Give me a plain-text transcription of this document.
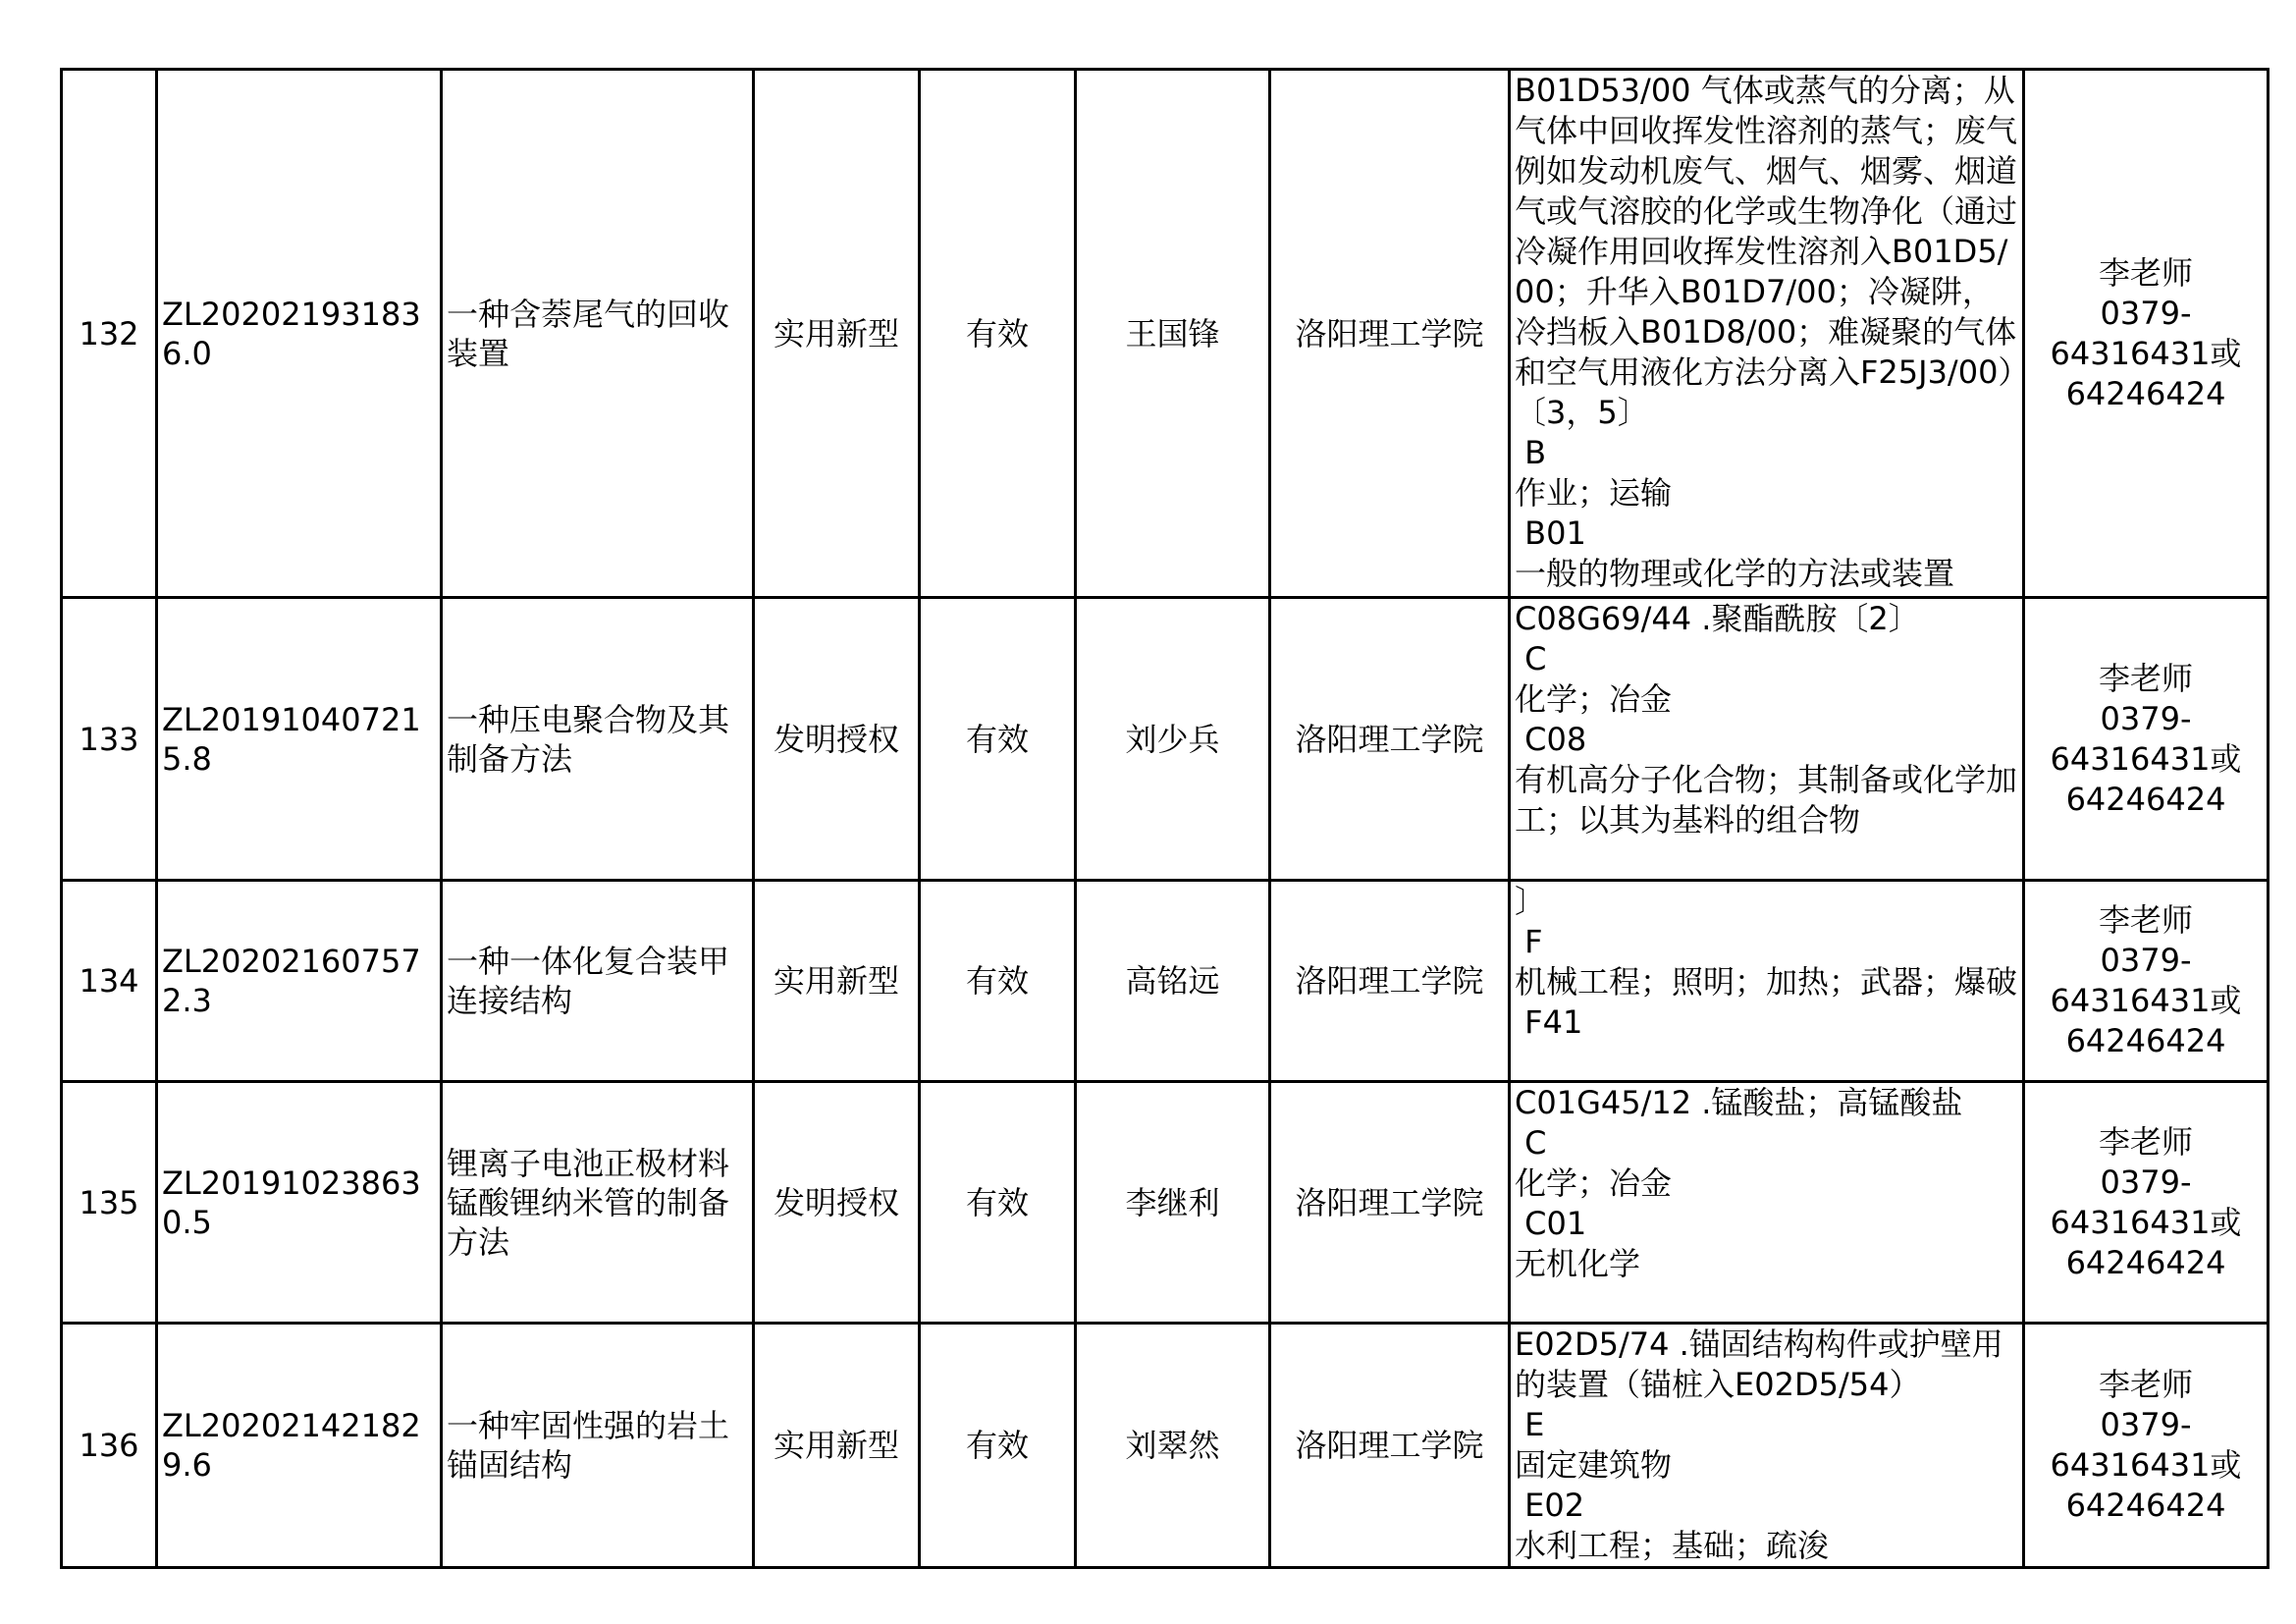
132	ZL202021931836.0	一种含萘尾气的回收装置	实用新型	有效	王国锋	洛阳理工学院	B01D53/00 气体或蒸气的分离；从气体中回收挥发性溶剂的蒸气；废气例如发动机废气、烟气、烟雾、烟道气或气溶胶的化学或生物净化（通过冷凝作用回收挥发性溶剂入B01D5/00；升华入B01D7/00；冷凝阱，冷挡板入B01D8/00；难凝聚的气体和空气用液化方法分离入F25J3/00）〔3，5〕
B
作业；运输
B01
一般的物理或化学的方法或装置	李老师
0379-
64316431或
64246424

133	ZL201910407215.8	一种压电聚合物及其制备方法	发明授权	有效	刘少兵	洛阳理工学院	C08G69/44 .聚酯酰胺〔2〕
C
化学；冶金
C08
有机高分子化合物；其制备或化学加工；以其为基料的组合物	李老师
0379-
64316431或
64246424

134	ZL202021607572.3	一种一体化复合装甲连接结构	实用新型	有效	高铭远	洛阳理工学院	〕
F
机械工程；照明；加热；武器；爆破
F41	李老师
0379-
64316431或
64246424

135	ZL201910238630.5	锂离子电池正极材料锰酸锂纳米管的制备方法	发明授权	有效	李继利	洛阳理工学院	C01G45/12 .锰酸盐；高锰酸盐
C
化学；冶金
C01
无机化学	李老师
0379-
64316431或
64246424

136	ZL202021421829.6	一种牢固性强的岩土锚固结构	实用新型	有效	刘翠然	洛阳理工学院	E02D5/74 .锚固结构构件或护壁用的装置（锚桩入E02D5/54）
E
固定建筑物
E02
水利工程；基础；疏浚	李老师
0379-
64316431或
64246424
